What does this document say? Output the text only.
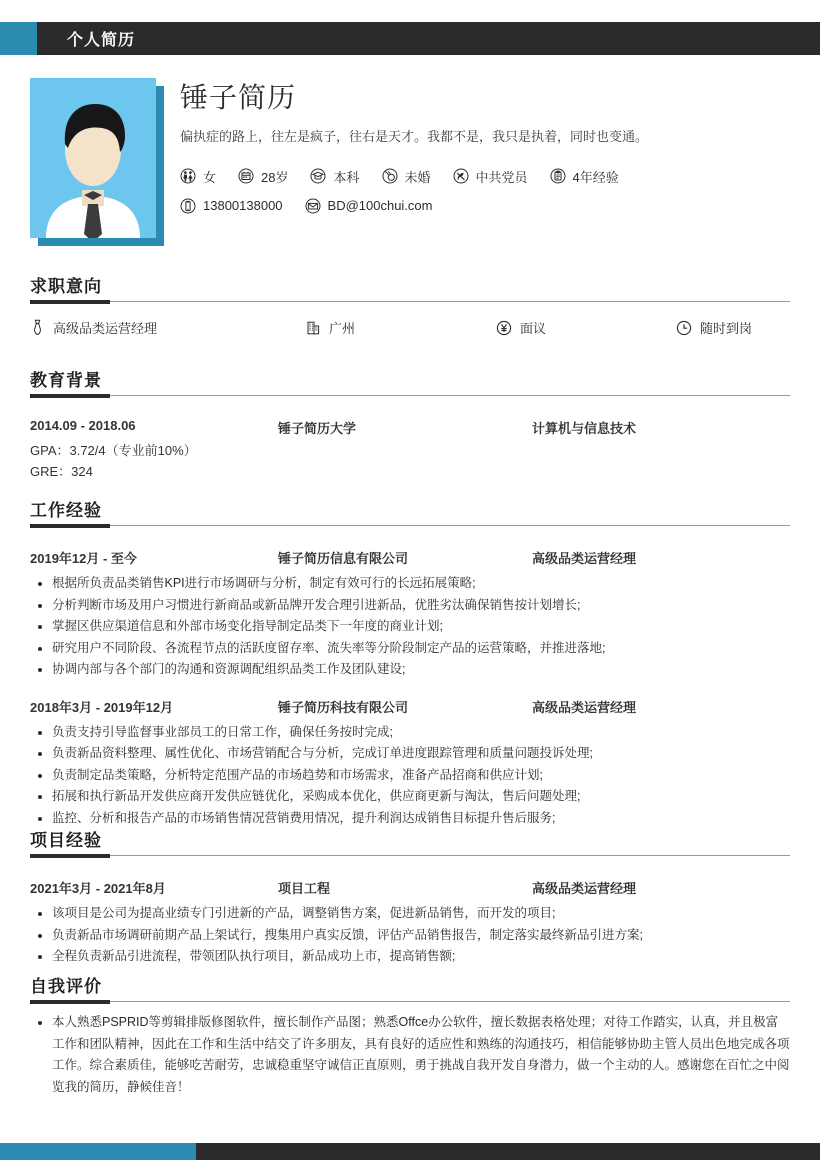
个人简历
锤子简历
偏执症的路上，往左是疯子，往右是天才。我都不是，我只是执着，同时也变通。
女	28岁	本科	未婚	中共党员	4年经验
13800138000	BD@100chui.com
求职意向
高级品类运营经理	广州	面议	随时到岗
教育背景
2014.09 - 2018.06	锤子简历大学	计算机与信息技术
GPA：3.72/4（专业前10%）
GRE：324
工作经验
2019年12月 - 至今	锤子简历信息有限公司	高级品类运营经理
根据所负责品类销售KPI进行市场调研与分析，制定有效可行的长远拓展策略;
分析判断市场及用户习惯进行新商品或新品牌开发合理引进新品，优胜劣汰确保销售按计划增长;
掌握区供应渠道信息和外部市场变化指导制定品类下一年度的商业计划;
研究用户不同阶段、各流程节点的活跃度留存率、流失率等分阶段制定产品的运营策略，并推进落地;
协调内部与各个部门的沟通和资源调配组织品类工作及团队建设;
2018年3月 - 2019年12月	锤子简历科技有限公司	高级品类运营经理
负责支持引导监督事业部员工的日常工作，确保任务按时完成;
负责新品资料整理、属性优化、市场营销配合与分析，完成订单进度跟踪管理和质量问题投诉处理;
负责制定品类策略，分析特定范围产品的市场趋势和市场需求，准备产品招商和供应计划;
拓展和执行新品开发供应商开发供应链优化，采购成本优化，供应商更新与淘汰，售后问题处理;
监控、分析和报告产品的市场销售情况营销费用情况，提升利润达成销售目标提升售后服务;
项目经验
2021年3月 - 2021年8月	项目工程	高级品类运营经理
该项目是公司为提高业绩专门引进新的产品，调整销售方案，促进新品销售，而开发的项目;
负责新品市场调研前期产品上架试行，搜集用户真实反馈，评估产品销售报告，制定落实最终新品引进方案;
全程负责新品引进流程，带领团队执行项目，新品成功上市，提高销售额;
自我评价
本人熟悉PSPRID等剪辑排版修图软件，擅长制作产品图；熟悉Offce办公软件，擅长数据表格处理；对待工作踏实，认真，并且极富工作和团队精神，因此在工作和生活中结交了许多朋友，具有良好的适应性和熟练的沟通技巧，相信能够协助主管人员出色地完成各项工作。综合素质佳，能够吃苦耐劳，忠诚稳重坚守诚信正直原则，勇于挑战自我开发自身潜力，做一个主动的人。感谢您在百忙之中阅览我的简历，静候佳音！
